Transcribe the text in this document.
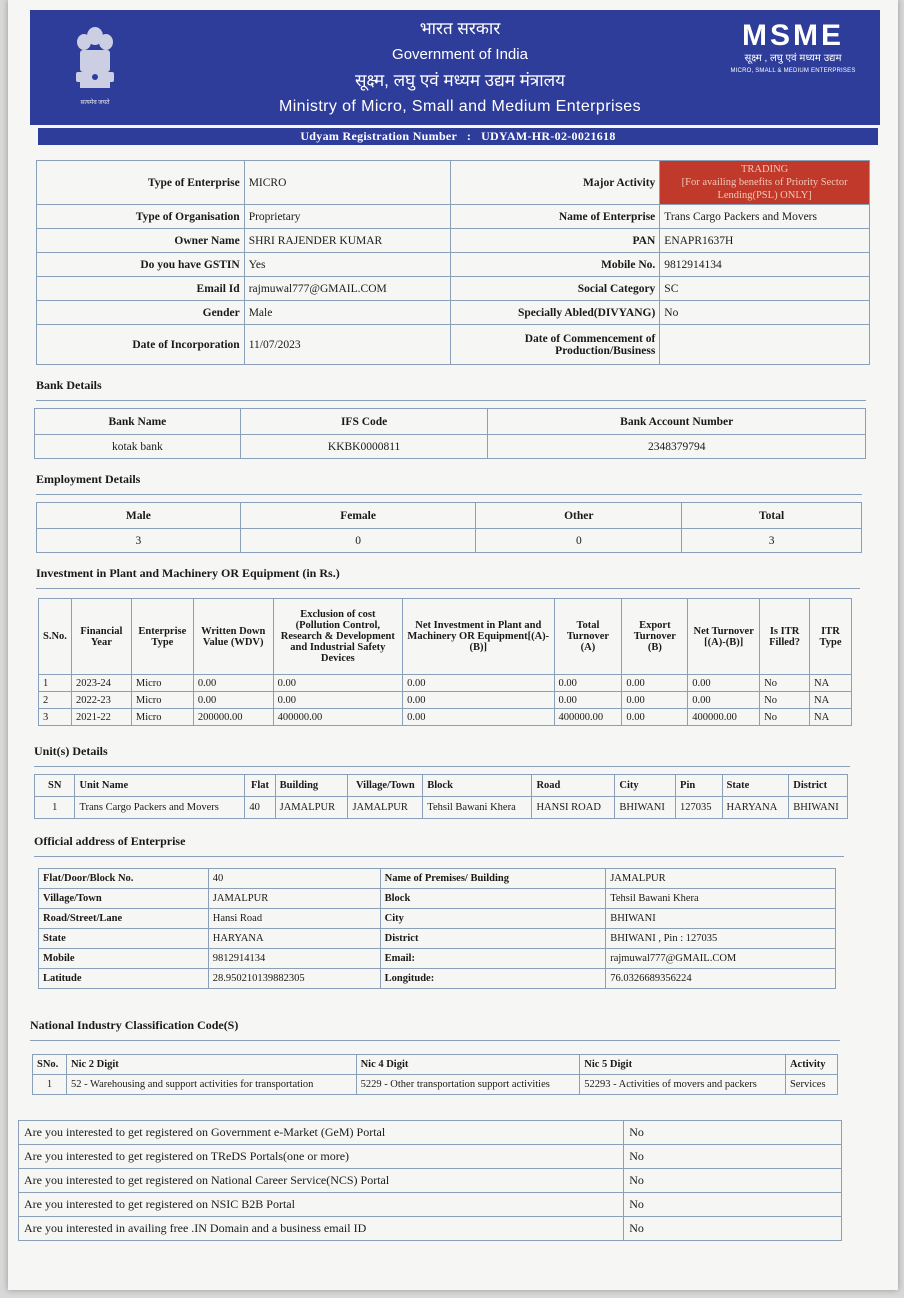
सत्यमेव जयते
भारत सरकार
Government of India
सूक्ष्म, लघु एवं मध्यम उद्यम मंत्रालय
Ministry of Micro, Small and Medium Enterprises
MSME
सूक्ष्म , लघु एवं मध्यम उद्यम
MICRO, SMALL & MEDIUM ENTERPRISES
Udyam Registration Number   :   UDYAM-HR-02-0021618
Type of Enterprise	MICRO	Major Activity	TRADING
[For availing benefits of Priority Sector Lending(PSL) ONLY]

Type of Organisation	Proprietary	Name of Enterprise	Trans Cargo Packers and Movers
Owner Name	SHRI RAJENDER KUMAR	PAN	ENAPR1637H
Do you have GSTIN	Yes	Mobile No.	9812914134
Email Id	rajmuwal777@GMAIL.COM	Social Category	SC
Gender	Male	Specially Abled(DIVYANG)	No
Date of Incorporation	11/07/2023	Date of Commencement of Production/Business	
Bank Details
Bank Name	IFS Code	Bank Account Number
kotak bank	KKBK0000811	2348379794
Employment Details
Male	Female	Other	Total
3	0	0	3
Investment in Plant and Machinery OR Equipment (in Rs.)
S.No.	Financial Year	Enterprise Type	Written Down Value (WDV)	Exclusion of cost (Pollution Control, Research & Development and Industrial Safety Devices	Net Investment in Plant and Machinery OR Equipment[(A)-(B)]	Total Turnover (A)	Export Turnover (B)	Net Turnover [(A)-(B)]	Is ITR Filled?	ITR Type
1	2023-24	Micro	0.00	0.00	0.00	0.00	0.00	0.00	No	NA
2	2022-23	Micro	0.00	0.00	0.00	0.00	0.00	0.00	No	NA
3	2021-22	Micro	200000.00	400000.00	0.00	400000.00	0.00	400000.00	No	NA
Unit(s) Details
SN	Unit Name	Flat	Building	Village/Town	Block	Road	City	Pin	State	District
1	Trans Cargo Packers and Movers	40	JAMALPUR	JAMALPUR	Tehsil Bawani Khera	HANSI ROAD	BHIWANI	127035	HARYANA	BHIWANI
Official address of Enterprise
Flat/Door/Block No.	40	Name of Premises/ Building	JAMALPUR
Village/Town	JAMALPUR	Block	Tehsil Bawani Khera
Road/Street/Lane	Hansi Road	City	BHIWANI
State	HARYANA	District	BHIWANI , Pin : 127035
Mobile	9812914134	Email:	rajmuwal777@GMAIL.COM
Latitude	28.950210139882305	Longitude:	76.0326689356224
National Industry Classification Code(S)
SNo.	Nic 2 Digit	Nic 4 Digit	Nic 5 Digit	Activity
1	52 - Warehousing and support activities for transportation	5229 - Other transportation support activities	52293 - Activities of movers and packers	Services
Are you interested to get registered on Government e-Market (GeM) Portal	No
Are you interested to get registered on TReDS Portals(one or more)	No
Are you interested to get registered on National Career Service(NCS) Portal	No
Are you interested to get registered on NSIC B2B Portal	No
Are you interested in availing free .IN Domain and a business email ID	No
